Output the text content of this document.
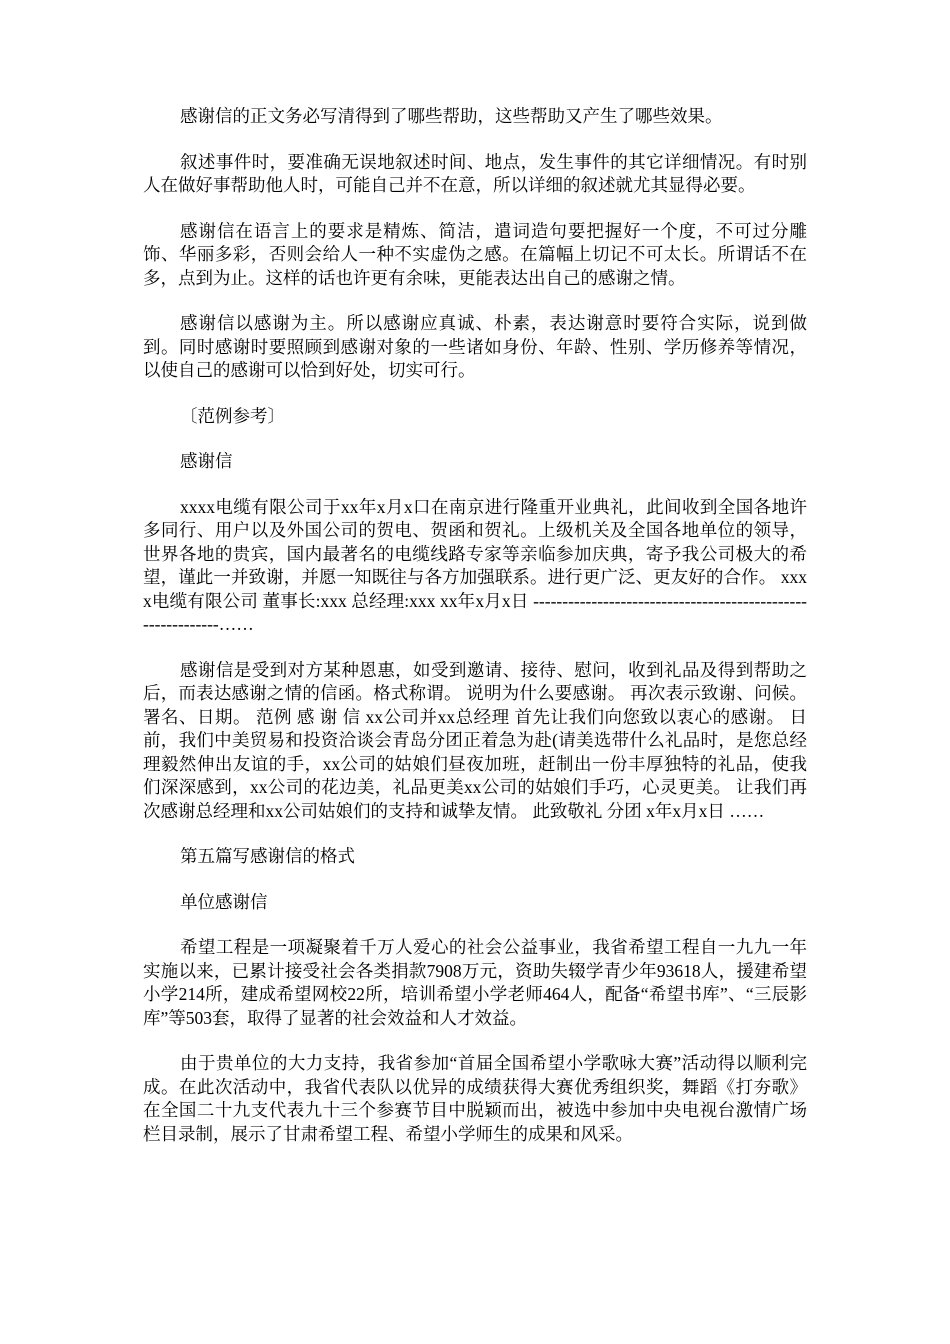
感谢信的正文务必写清得到了哪些帮助，这些帮助又产生了哪些效果。

叙述事件时，要准确无误地叙述时间、地点，发生事件的其它详细情况。有时别人在做好事帮助他人时，可能自己并不在意，所以详细的叙述就尤其显得必要。

感谢信在语言上的要求是精炼、简洁，遣词造句要把握好一个度，不可过分雕饰、华丽多彩，否则会给人一种不实虚伪之感。在篇幅上切记不可太长。所谓话不在多，点到为止。这样的话也许更有余味，更能表达出自己的感谢之情。

感谢信以感谢为主。所以感谢应真诚、朴素，表达谢意时要符合实际，说到做到。同时感谢时要照顾到感谢对象的一些诸如身份、年龄、性别、学历修养等情况，以使自己的感谢可以恰到好处，切实可行。

〔范例参考〕

感谢信

xxxx电缆有限公司于xx年x月x口在南京进行隆重开业典礼，此间收到全国各地许多同行、用户以及外国公司的贺电、贺函和贺礼。上级机关及全国各地单位的领导，世界各地的贵宾，国内最著名的电缆线路专家等亲临参加庆典，寄予我公司极大的希望，谨此一并致谢，并愿一知既往与各方加强联系。进行更广泛、更友好的合作。 xxxx电缆有限公司 董事长:xxx 总经理:xxx xx年x月x日 ------------------------------------------------------------……

感谢信是受到对方某种恩惠，如受到邀请、接待、慰问，收到礼品及得到帮助之后，而表达感谢之情的信函。格式称谓。 说明为什么要感谢。 再次表示致谢、问候。 署名、日期。 范例 感 谢 信 xx公司并xx总经理 首先让我们向您致以衷心的感谢。 日前，我们中美贸易和投资洽谈会青岛分团正着急为赴(请美选带什么礼品时，是您总经理毅然伸出友谊的手，xx公司的姑娘们昼夜加班，赶制出一份丰厚独特的礼品，使我们深深感到，xx公司的花边美，礼品更美xx公司的姑娘们手巧，心灵更美。 让我们再次感谢总经理和xx公司姑娘们的支持和诚挚友情。 此致敬礼 分团 x年x月x日 ……

第五篇写感谢信的格式

单位感谢信

希望工程是一项凝聚着千万人爱心的社会公益事业，我省希望工程自一九九一年实施以来，已累计接受社会各类捐款7908万元，资助失辍学青少年93618人，援建希望小学214所，建成希望网校22所，培训希望小学老师464人，配备“希望书库”、“三辰影库”等503套，取得了显著的社会效益和人才效益。

由于贵单位的大力支持，我省参加“首届全国希望小学歌咏大赛”活动得以顺利完成。在此次活动中，我省代表队以优异的成绩获得大赛优秀组织奖，舞蹈《打夯歌》在全国二十九支代表九十三个参赛节目中脱颖而出，被选中参加中央电视台激情广场栏目录制，展示了甘肃希望工程、希望小学师生的成果和风采。
